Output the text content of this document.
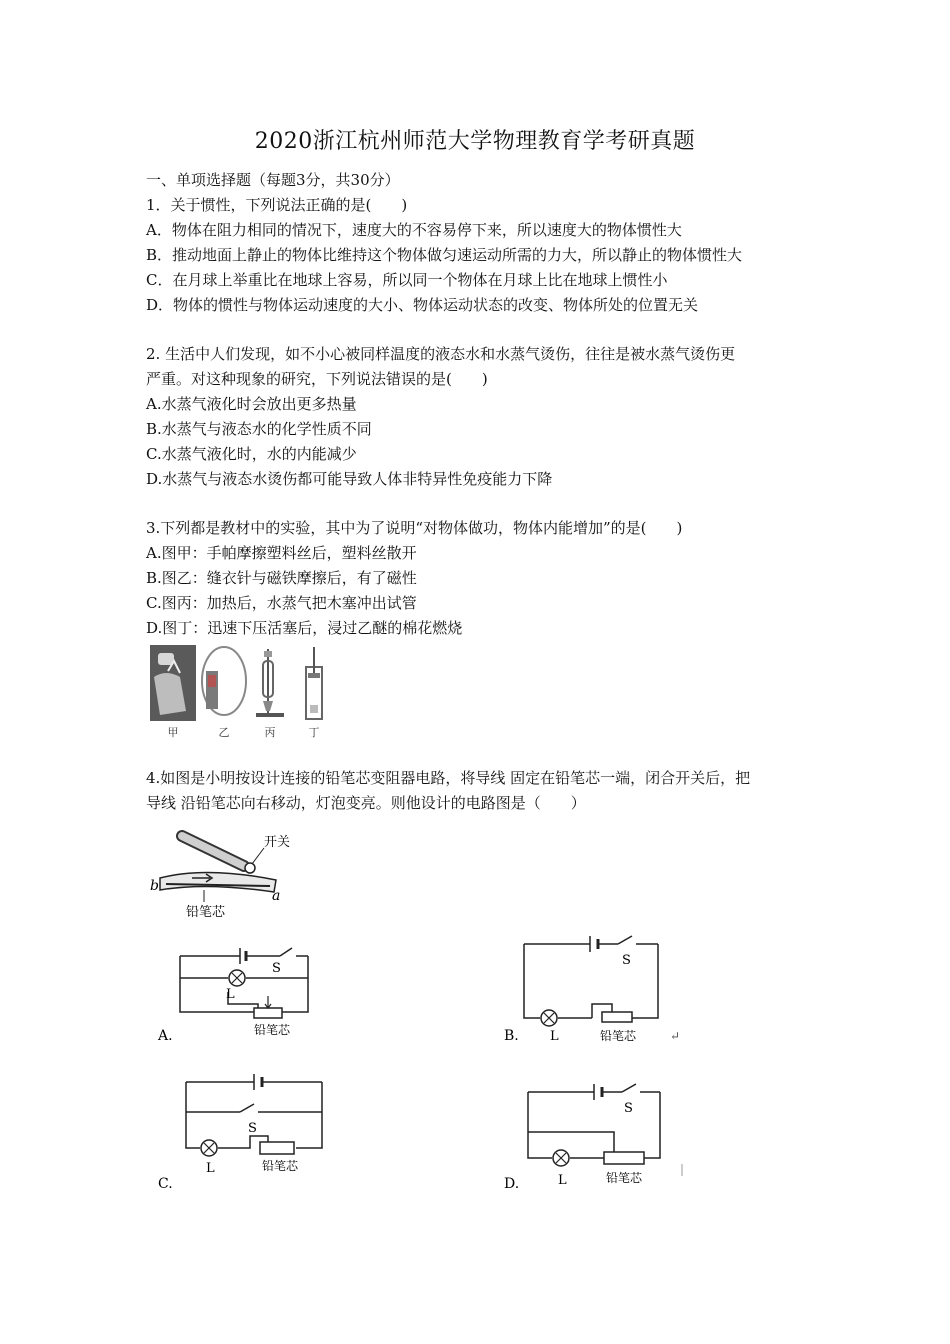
2020浙江杭州师范大学物理教育学考研真题
一、单项选择题（每题3分，共30分）
1．关于惯性，下列说法正确的是(　　)
A．物体在阻力相同的情况下，速度大的不容易停下来，所以速度大的物体惯性大
B．推动地面上静止的物体比维持这个物体做匀速运动所需的力大，所以静止的物体惯性大
C．在月球上举重比在地球上容易，所以同一个物体在月球上比在地球上惯性小
D．物体的惯性与物体运动速度的大小、物体运动状态的改变、物体所处的位置无关
2. 生活中人们发现，如不小心被同样温度的液态水和水蒸气烫伤，往往是被水蒸气烫伤更
严重。对这种现象的研究，下列说法错误的是(　　)
A.水蒸气液化时会放出更多热量
B.水蒸气与液态水的化学性质不同
C.水蒸气液化时，水的内能减少
D.水蒸气与液态水烫伤都可能导致人体非特异性免疫能力下降
3.下列都是教材中的实验，其中为了说明“对物体做功，物体内能增加”的是(　　)
A.图甲：手帕摩擦塑料丝后，塑料丝散开
B.图乙：缝衣针与磁铁摩擦后，有了磁性
C.图丙：加热后，水蒸气把木塞冲出试管
D.图丁：迅速下压活塞后，浸过乙醚的棉花燃烧
甲	乙	丙	丁
4.如图是小明按设计连接的铅笔芯变阻器电路，将导线 固定在铅笔芯一端，闭合开关后，把
导线 沿铅笔芯向右移动，灯泡变亮。则他设计的电路图是（　　）
开关
b
a
铅笔芯
S
L
铅笔芯
A.
S
L	铅笔芯	↵
B.
S
L	铅笔芯
C.
S
L	铅笔芯
D.
